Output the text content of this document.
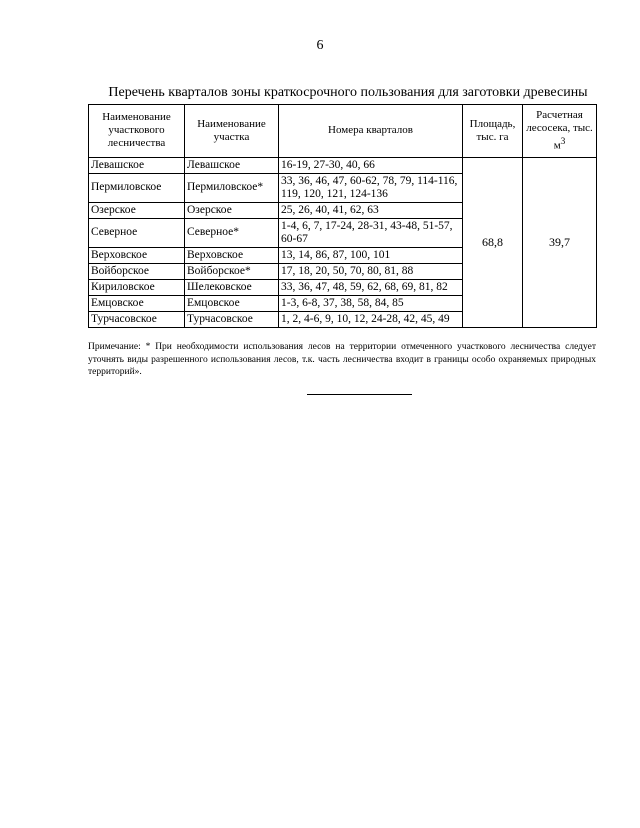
6
Перечень кварталов зоны краткосрочного пользования для заготовки древесины
Наименование участкового лесничества	Наименование участка	Номера кварталов	Площадь, тыс. га	Расчетная лесосека, тыс. $м^3$
Левашское	Левашское	16-19, 27-30, 40, 66	68,8	39,7
Пермиловское	Пермиловское*	33, 36, 46, 47, 60-62, 78, 79, 114-116, 119, 120, 121, 124-136		
Озерское	Озерское	25, 26, 40, 41, 62, 63		
Северное	Северное*	1-4, 6, 7, 17-24, 28-31, 43-48, 51-57, 60-67		
Верховское	Верховское	13, 14, 86, 87, 100, 101		
Войборское	Войборское*	17, 18, 20, 50, 70, 80, 81, 88		
Кириловское	Шелековское	33, 36, 47, 48, 59, 62, 68, 69, 81, 82		
Емцовское	Емцовское	1-3, 6-8, 37, 38, 58, 84, 85		
Турчасовское	Турчасовское	1, 2, 4-6, 9, 10, 12, 24-28, 42, 45, 49		
Примечание: * При необходимости использования лесов на территории отмеченного участкового лесничества следует уточнять виды разрешенного использования лесов, т.к. часть лесничества входит в границы особо охраняемых природных территорий».
